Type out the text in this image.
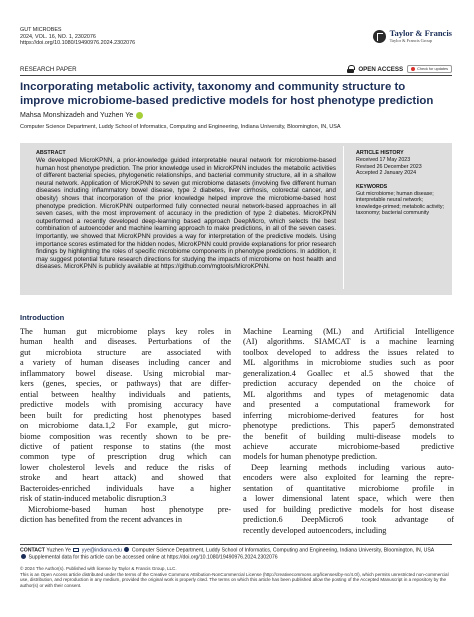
GUT MICROBES
2024, VOL. 16, NO. 1, 2302076
https://doi.org/10.1080/19490976.2024.2302076
Taylor & Francis
Taylor & Francis Group
RESEARCH PAPER	OPEN ACCESS	Check for updates
Incorporating metabolic activity, taxonomy and community structure to improve microbiome-based predictive models for host phenotype prediction
Mahsa Monshizadeh and Yuzhen Ye
Computer Science Department, Luddy School of Informatics, Computing and Engineering, Indiana University, Bloomington, IN, USA
ABSTRACT

We developed MicroKPNN, a prior-knowledge guided interpretable neural network for microbiome-based human host phenotype prediction. The prior knowledge used in MicroKPNN includes the metabolic activities of different bacterial species, phylogenetic relationships, and bacterial community structure, all in a shallow neural network. Application of MicroKPNN to seven gut microbiome datasets (involving five different human diseases including inflammatory bowel disease, type 2 diabetes, liver cirrhosis, colorectal cancer, and obesity) shows that incorporation of the prior knowledge helped improve the microbiome-based host phenotype prediction. MicroKPNN outperformed fully connected neural network-based approaches in all seven cases, with the most improvement of accuracy in the prediction of type 2 diabetes. MicroKPNN outperformed a recently developed deep-learning based approach DeepMicro, which selects the best combination of autoencoder and machine learning approach to make predictions, in all of the seven cases. Importantly, we showed that MicroKPNN provides a way for interpretation of the predictive models. Using importance scores estimated for the hidden nodes, MicroKPNN could provide explanations for prior research findings by highlighting the roles of specific microbiome components in phenotype predictions. In addition, it may suggest potential future research directions for studying the impacts of microbiome on host health and diseases. MicroKPNN is publicly available at https://github.com/mgtools/MicroKPNN.

ARTICLE HISTORY
Received 17 May 2023
Revised 26 December 2023
Accepted 2 January 2024
KEYWORDS
Gut microbiome; human disease; interpretable neural network; knowledge-primed; metabolic activity; taxonomy; bacterial community
Introduction
The human gut microbiome plays key roles in
human health and diseases. Perturbations of the
gut microbiota structure are associated with
a variety of human diseases including cancer and
inflammatory bowel disease. Using microbial mar-
kers (genes, species, or pathways) that are differ-
ential between healthy individuals and patients,
predictive models with promising accuracy have
been built for predicting host phenotypes based
on microbiome data.1,2 For example, gut micro-
biome composition was recently shown to be pre-
dictive of patient response to statins (the most
common type of prescription drug which can
lower cholesterol levels and reduce the risks of
stroke and heart attack) and showed that
Bacteroides-enriched individuals have a higher
risk of statin-induced metabolic disruption.3
Microbiome-based human host phenotype pre-
diction has benefited from the recent advances in
Machine Learning (ML) and Artificial Intelligence
(AI) algorithms. SIAMCAT is a machine learning
toolbox developed to address the issues related to
ML algorithms in microbiome studies such as poor
generalization.4 Goallec et al.5 showed that the
prediction accuracy depended on the choice of
ML algorithms and types of metagenomic data
and presented a computational framework for
inferring microbiome-derived features for host
phenotype predictions. This paper5 demonstrated
the benefit of building multi-disease models to
achieve accurate microbiome-based predictive
models for human phenotype prediction.
Deep learning methods including various auto-
encoders were also exploited for learning the repre-
sentation of quantitative microbiome profile in
a lower dimensional latent space, which were then
used for building predictive models for host disease
prediction.6 DeepMicro6 took advantage of
recently developed autoencoders, including
CONTACT Yuzhen Ye yye@indiana.edu Computer Science Department, Luddy School of Informatics, Computing and Engineering, Indiana University, Bloomington, IN, USA
Supplemental data for this article can be accessed online at https://doi.org/10.1080/19490976.2024.2302076
© 2024 The Author(s). Published with license by Taylor & Francis Group, LLC.
This is an Open Access article distributed under the terms of the Creative Commons Attribution-NonCommercial License (http://creativecommons.org/licenses/by-nc/4.0/), which permits unrestricted non-commercial use, distribution, and reproduction in any medium, provided the original work is properly cited. The terms on which this article has been published allow the posting of the Accepted Manuscript in a repository by the author(s) or with their consent.
